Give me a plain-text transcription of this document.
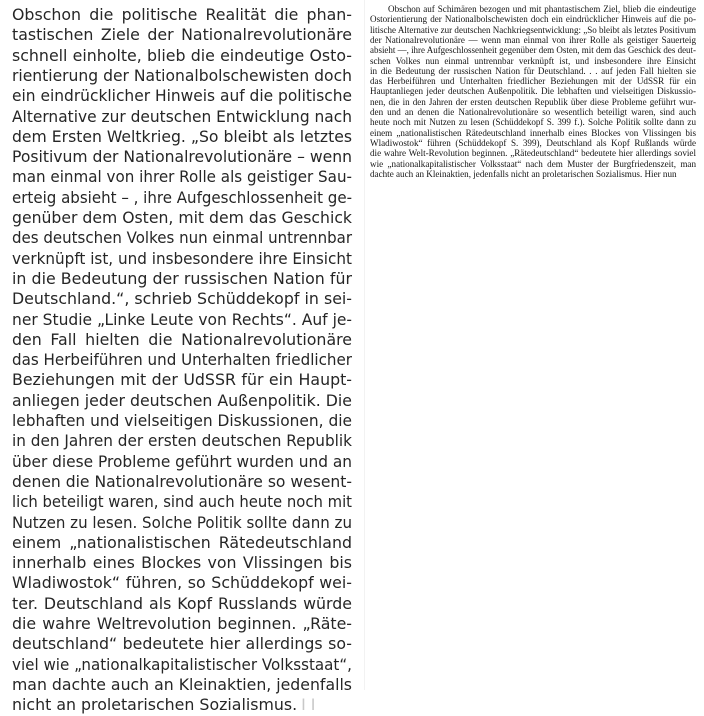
Obschon die politische Realität die phan-
tastischen Ziele der Nationalrevolutionäre
schnell einholte, blieb die eindeutige Osto-
rientierung der Nationalbolschewisten doch
ein eindrücklicher Hinweis auf die politische
Alternative zur deutschen Entwicklung nach
dem Ersten Weltkrieg. „So bleibt als letztes
Positivum der Nationalrevolutionäre – wenn
man einmal von ihrer Rolle als geistiger Sau-
erteig absieht – , ihre Aufgeschlossenheit ge-
genüber dem Osten, mit dem das Geschick
des deutschen Volkes nun einmal untrennbar
verknüpft ist, und insbesondere ihre Einsicht
in die Bedeutung der russischen Nation für
Deutschland.“, schrieb Schüddekopf in sei-
ner Studie „Linke Leute von Rechts“. Auf je-
den Fall hielten die Nationalrevolutionäre
das Herbeiführen und Unterhalten friedlicher
Beziehungen mit der UdSSR für ein Haupt-
anliegen jeder deutschen Außenpolitik. Die
lebhaften und vielseitigen Diskussionen, die
in den Jahren der ersten deutschen Republik
über diese Probleme geführt wurden und an
denen die Nationalrevolutionäre so wesent-
lich beteiligt waren, sind auch heute noch mit
Nutzen zu lesen. Solche Politik sollte dann zu
einem „nationalistischen Rätedeutschland
innerhalb eines Blockes von Vlissingen bis
Wladiwostok“ führen, so Schüddekopf wei-
ter. Deutschland als Kopf Russlands würde
die wahre Weltrevolution beginnen. „Räte-
deutschland“ bedeutete hier allerdings so-
viel wie „nationalkapitalistischer Volksstaat“,
man dachte auch an Kleinaktien, jedenfalls
nicht an proletarischen Sozialismus. I I
Obschon auf Schimären bezogen und mit phantastischem Ziel, blieb die eindeutige
Ostorientierung der Nationalbolschewisten doch ein eindrücklicher Hinweis auf die po-
litische Alternative zur deutschen Nachkriegsentwicklung: „So bleibt als letztes Positivum
der Nationalrevolutionäre — wenn man einmal von ihrer Rolle als geistiger Sauerteig
absieht —, ihre Aufgeschlossenheit gegenüber dem Osten, mit dem das Geschick des deut-
schen Volkes nun einmal untrennbar verknüpft ist, und insbesondere ihre Einsicht
in die Bedeutung der russischen Nation für Deutschland. . . auf jeden Fall hielten sie
das Herbeiführen und Unterhalten friedlicher Beziehungen mit der UdSSR für ein
Hauptanliegen jeder deutschen Außenpolitik. Die lebhaften und vielseitigen Diskussio-
nen, die in den Jahren der ersten deutschen Republik über diese Probleme geführt wur-
den und an denen die Nationalrevolutionäre so wesentlich beteiligt waren, sind auch
heute noch mit Nutzen zu lesen (Schüddekopf S. 399 f.). Solche Politik sollte dann zu
einem „nationalistischen Rätedeutschland innerhalb eines Blockes von Vlissingen bis
Wladiwostok“ führen (Schüddekopf S. 399), Deutschland als Kopf Rußlands würde
die wahre Welt-Revolution beginnen. „Rätedeutschland“ bedeutete hier allerdings soviel
wie „nationalkapitalistischer Volksstaat“ nach dem Muster der Burgfriedenszeit, man
dachte auch an Kleinaktien, jedenfalls nicht an proletarischen Sozialismus. Hier nun
